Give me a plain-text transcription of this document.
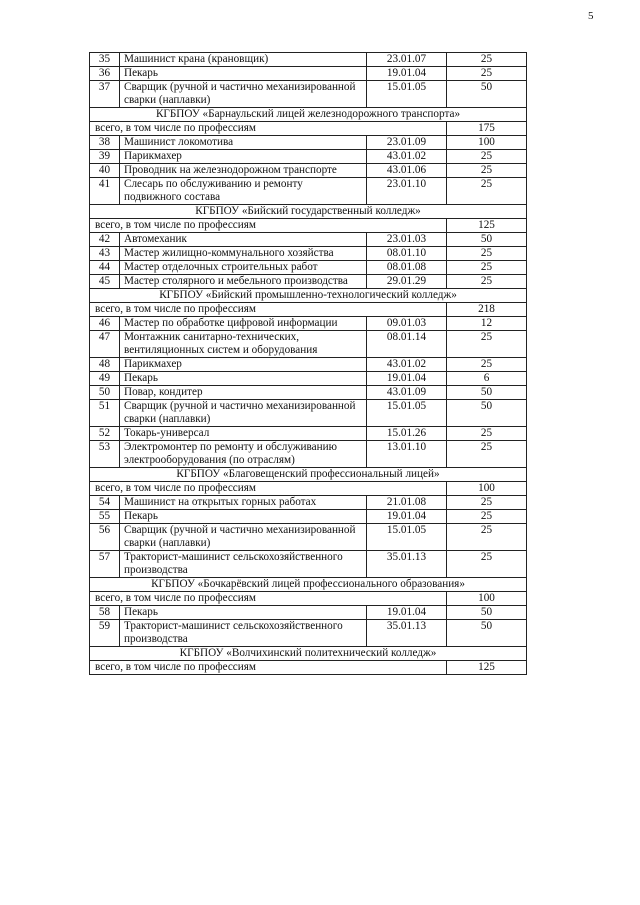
5
35	Машинист крана (крановщик)	23.01.07	25
36	Пекарь	19.01.04	25
37	Сварщик (ручной и частично механизированной сварки (наплавки)	15.01.05	50
КГБПОУ «Барнаульский лицей железнодорожного транспорта»			
всего, в том числе по профессиям			175
38	Машинист локомотива	23.01.09	100
39	Парикмахер	43.01.02	25
40	Проводник на железнодорожном транспорте	43.01.06	25
41	Слесарь по обслуживанию и ремонту подвижного состава	23.01.10	25
КГБПОУ «Бийский государственный колледж»			
всего, в том числе по профессиям			125
42	Автомеханик	23.01.03	50
43	Мастер жилищно-коммунального хозяйства	08.01.10	25
44	Мастер отделочных строительных работ	08.01.08	25
45	Мастер столярного и мебельного производства	29.01.29	25
КГБПОУ «Бийский промышленно-технологический колледж»			
всего, в том числе по профессиям			218
46	Мастер по обработке цифровой информации	09.01.03	12
47	Монтажник санитарно-технических, вентиляционных систем и оборудования	08.01.14	25
48	Парикмахер	43.01.02	25
49	Пекарь	19.01.04	6
50	Повар, кондитер	43.01.09	50
51	Сварщик (ручной и частично механизированной сварки (наплавки)	15.01.05	50
52	Токарь-универсал	15.01.26	25
53	Электромонтер по ремонту и обслуживанию электрооборудования (по отраслям)	13.01.10	25
КГБПОУ «Благовещенский профессиональный лицей»			
всего, в том числе по профессиям			100
54	Машинист на открытых горных работах	21.01.08	25
55	Пекарь	19.01.04	25
56	Сварщик (ручной и частично механизированной сварки (наплавки)	15.01.05	25
57	Тракторист-машинист сельскохозяйственного производства	35.01.13	25
КГБПОУ «Бочкарёвский лицей профессионального образования»			
всего, в том числе по профессиям			100
58	Пекарь	19.01.04	50
59	Тракторист-машинист сельскохозяйственного производства	35.01.13	50
КГБПОУ «Волчихинский политехнический колледж»			
всего, в том числе по профессиям			125
